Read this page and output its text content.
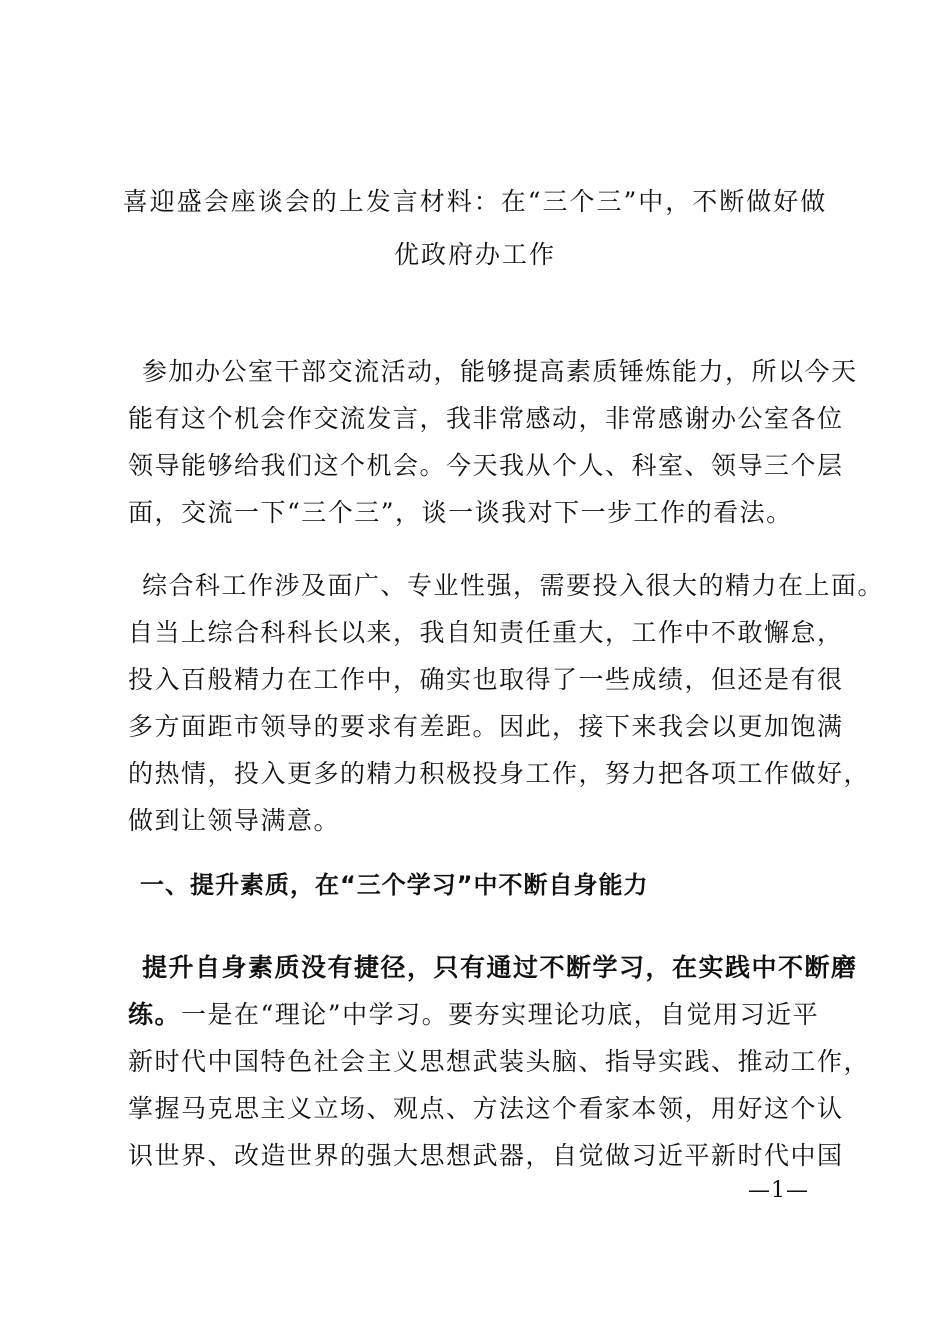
喜迎盛会座谈会的上发言材料：在“三个三”中，不断做好做
优政府办工作

参加办公室干部交流活动，能够提高素质锤炼能力，所以今天
能有这个机会作交流发言，我非常感动，非常感谢办公室各位
领导能够给我们这个机会。今天我从个人、科室、领导三个层
面，交流一下“三个三”，谈一谈我对下一步工作的看法。

综合科工作涉及面广、专业性强，需要投入很大的精力在上面。
自当上综合科科长以来，我自知责任重大，工作中不敢懈怠，
投入百般精力在工作中，确实也取得了一些成绩，但还是有很
多方面距市领导的要求有差距。因此，接下来我会以更加饱满
的热情，投入更多的精力积极投身工作，努力把各项工作做好，
做到让领导满意。

一、提升素质，在“三个学习”中不断自身能力

提升自身素质没有捷径，只有通过不断学习，在实践中不断磨
练。一是在“理论”中学习。要夯实理论功底，自觉用习近平
新时代中国特色社会主义思想武装头脑、指导实践、推动工作，
掌握马克思主义立场、观点、方法这个看家本领，用好这个认
识世界、改造世界的强大思想武器，自觉做习近平新时代中国

—1—
